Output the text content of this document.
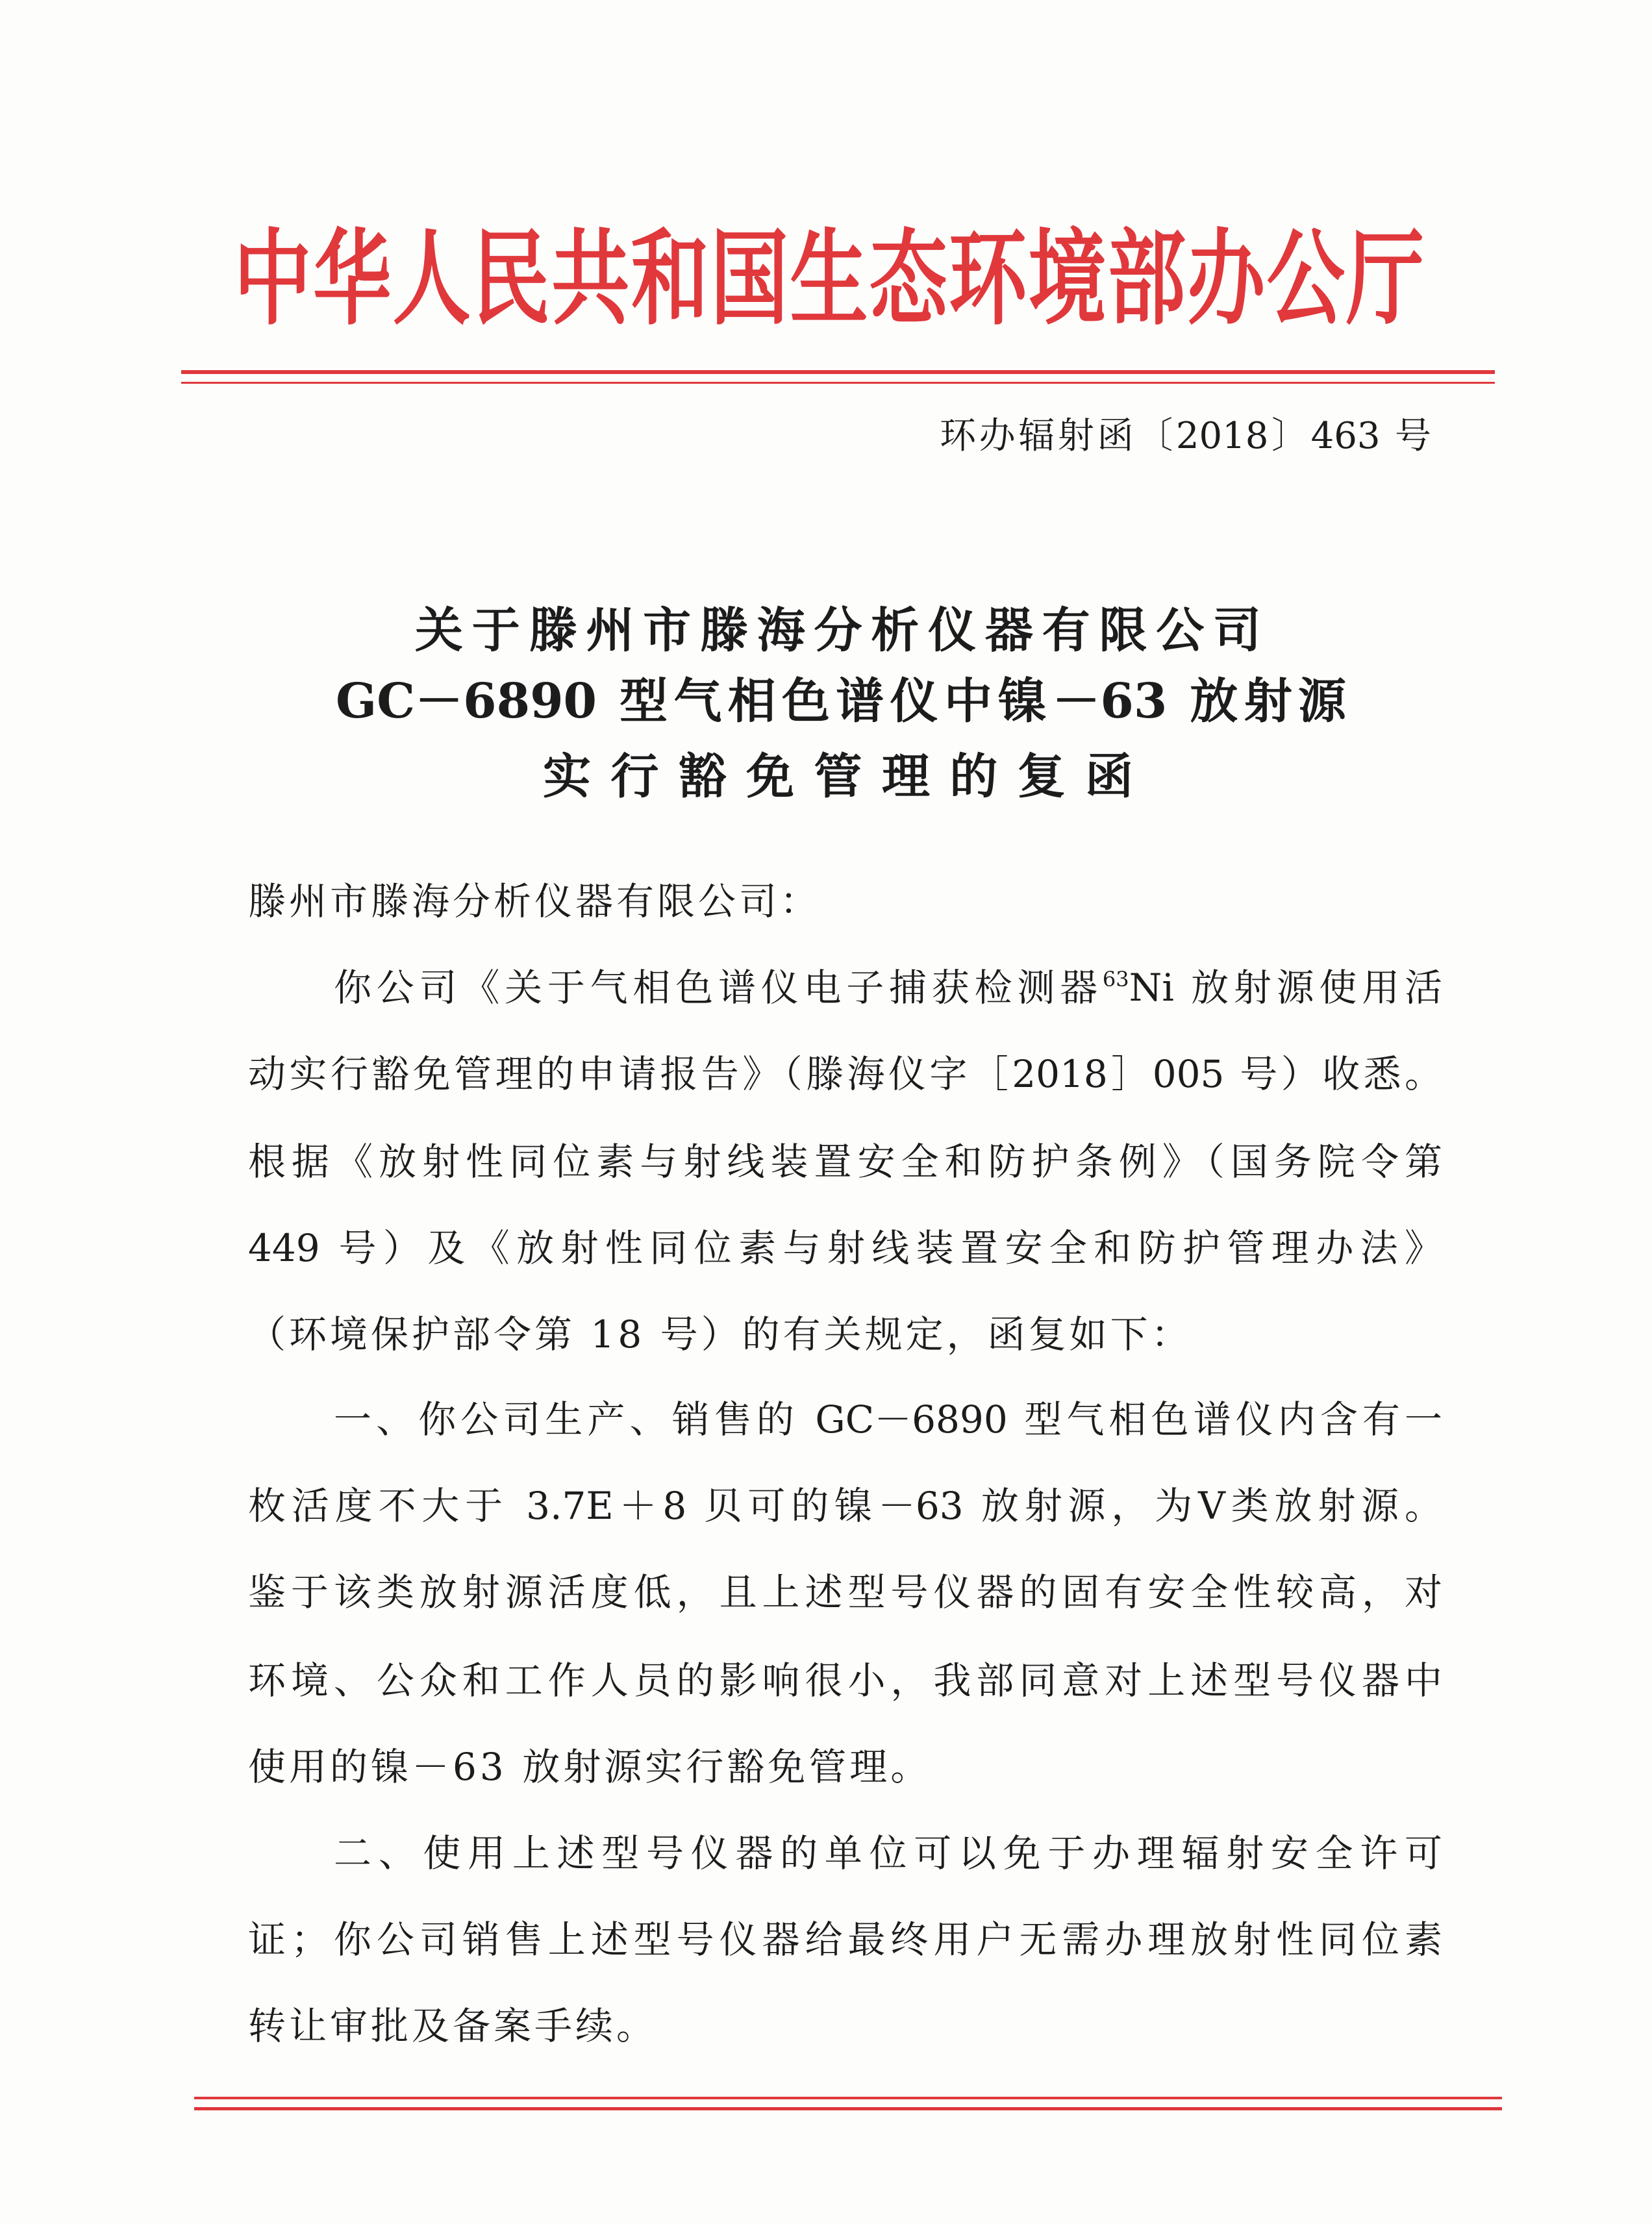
中华人民共和国生态环境部办公厅
环办辐射函〔2018〕463 号
关于滕州市滕海分析仪器有限公司
GC－6890 型气相色谱仪中镍－63 放射源
实行豁免管理的复函
滕州市滕海分析仪器有限公司：
你公司《关于气相色谱仪电子捕获检测器$^{63}$Ni 放射源使用活
动实行豁免管理的申请报告》（滕海仪字［2018］005 号）收悉。
根据《放射性同位素与射线装置安全和防护条例》（国务院令第
449 号）及《放射性同位素与射线装置安全和防护管理办法》
（环境保护部令第 18 号）的有关规定，函复如下：
一、你公司生产、销售的 GC－6890 型气相色谱仪内含有一
枚活度不大于 3.7E＋8 贝可的镍－63 放射源，为Ⅴ类放射源。
鉴于该类放射源活度低，且上述型号仪器的固有安全性较高，对
环境、公众和工作人员的影响很小，我部同意对上述型号仪器中
使用的镍－63 放射源实行豁免管理。
二、使用上述型号仪器的单位可以免于办理辐射安全许可
证；你公司销售上述型号仪器给最终用户无需办理放射性同位素
转让审批及备案手续。
